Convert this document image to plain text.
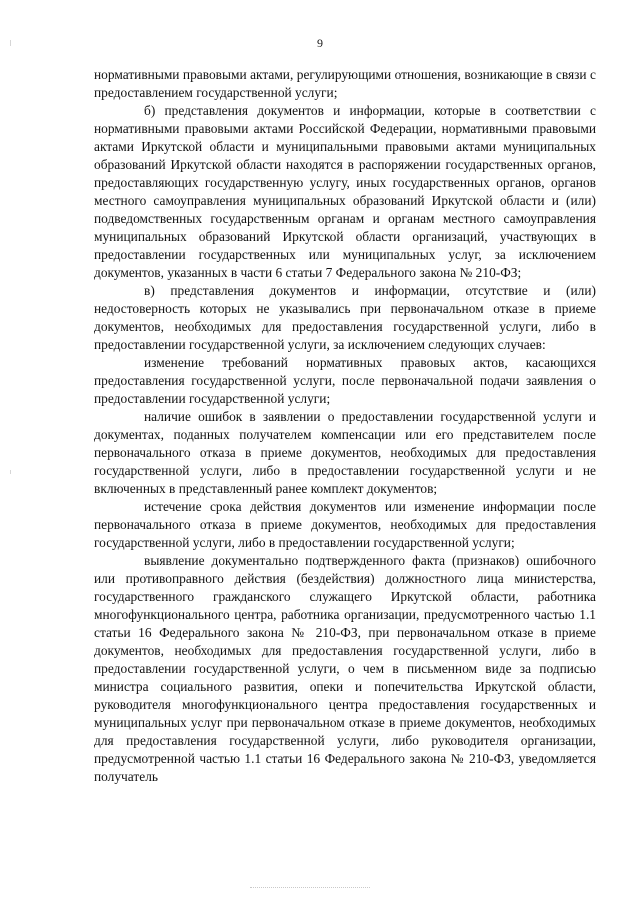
9

нормативными правовыми актами, регулирующими отношения, возникающие в связи с предоставлением государственной услуги;

б) представления документов и информации, которые в соответствии с нормативными правовыми актами Российской Федерации, нормативными правовыми актами Иркутской области и муниципальными правовыми актами муниципальных образований Иркутской области находятся в распоряжении государственных органов, предоставляющих государственную услугу, иных государственных органов, органов местного самоуправления муниципальных образований Иркутской области и (или) подведомственных государственным органам и органам местного самоуправления муниципальных образований Иркутской области организаций, участвующих в предоставлении государственных или муниципальных услуг, за исключением документов, указанных в части 6 статьи 7 Федерального закона № 210-ФЗ;

в) представления документов и информации, отсутствие и (или) недостоверность которых не указывались при первоначальном отказе в приеме документов, необходимых для предоставления государственной услуги, либо в предоставлении государственной услуги, за исключением следующих случаев:

изменение требований нормативных правовых актов, касающихся предоставления государственной услуги, после первоначальной подачи заявления о предоставлении государственной услуги;

наличие ошибок в заявлении о предоставлении государственной услуги и документах, поданных получателем компенсации или его представителем после первоначального отказа в приеме документов, необходимых для предоставления государственной услуги, либо в предоставлении государственной услуги и не включенных в представленный ранее комплект документов;

истечение срока действия документов или изменение информации после первоначального отказа в приеме документов, необходимых для предоставления государственной услуги, либо в предоставлении государственной услуги;

выявление документально подтвержденного факта (признаков) ошибочного или противоправного действия (бездействия) должностного лица министерства, государственного гражданского служащего Иркутской области, работника многофункционального центра, работника организации, предусмотренного частью 1.1 статьи 16 Федерального закона № 210-ФЗ, при первоначальном отказе в приеме документов, необходимых для предоставления государственной услуги, либо в предоставлении государственной услуги, о чем в письменном виде за подписью министра социального развития, опеки и попечительства Иркутской области, руководителя многофункционального центра предоставления государственных и муниципальных услуг при первоначальном отказе в приеме документов, необходимых для предоставления государственной услуги, либо руководителя организации, предусмотренной частью 1.1 статьи 16 Федерального закона № 210-ФЗ, уведомляется получатель
